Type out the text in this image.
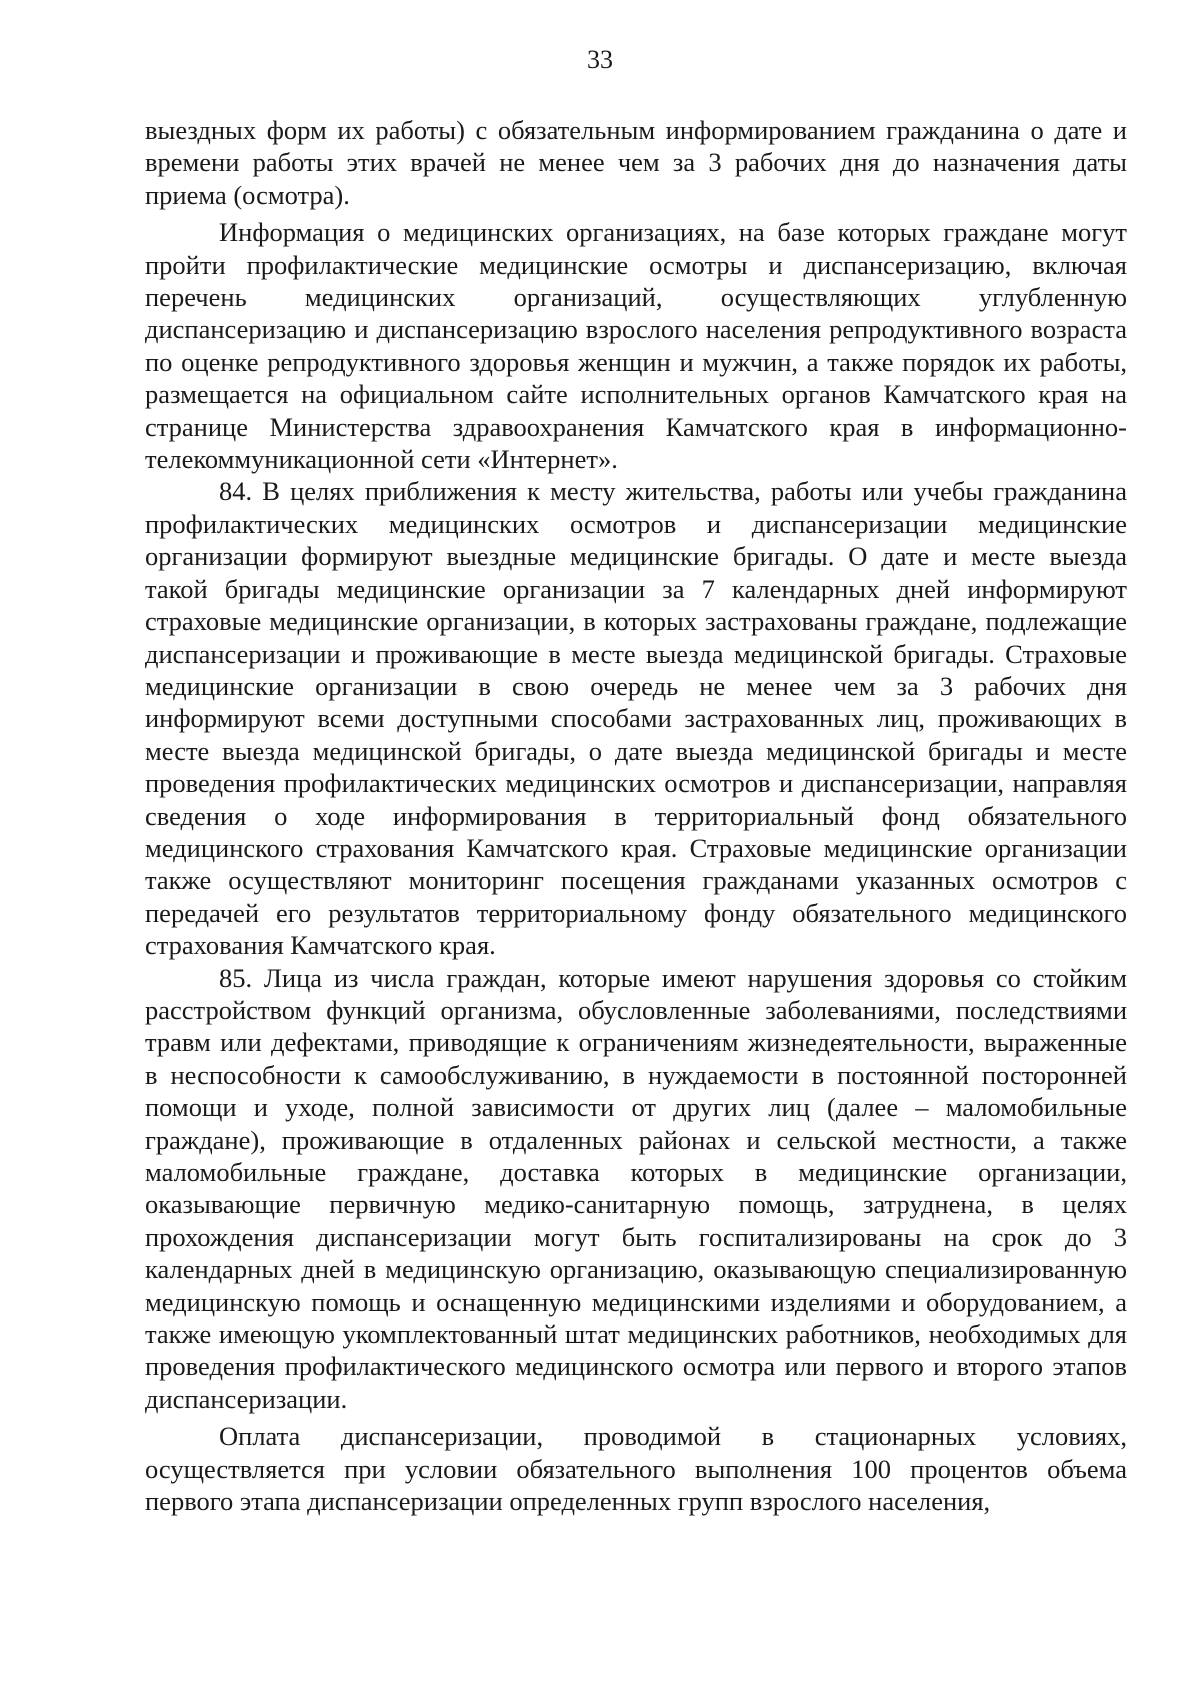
33

выездных форм их работы) с обязательным информированием гражданина о дате и времени работы этих врачей не менее чем за 3 рабочих дня до назначения даты приема (осмотра).

Информация о медицинских организациях, на базе которых граждане могут пройти профилактические медицинские осмотры и диспансеризацию, включая перечень медицинских организаций, осуществляющих углубленную диспансеризацию и диспансеризацию взрослого населения репродуктивного возраста по оценке репродуктивного здоровья женщин и мужчин, а также порядок их работы, размещается на официальном сайте исполнительных органов Камчатского края на странице Министерства здравоохранения Камчатского края в информационно-телекоммуникационной сети «Интернет».

84. В целях приближения к месту жительства, работы или учебы гражданина профилактических медицинских осмотров и диспансеризации медицинские организации формируют выездные медицинские бригады. О дате и месте выезда такой бригады медицинские организации за 7 календарных дней информируют страховые медицинские организации, в которых застрахованы граждане, подлежащие диспансеризации и проживающие в месте выезда медицинской бригады. Страховые медицинские организации в свою очередь не менее чем за 3 рабочих дня информируют всеми доступными способами застрахованных лиц, проживающих в месте выезда медицинской бригады, о дате выезда медицинской бригады и месте проведения профилактических медицинских осмотров и диспансеризации, направляя сведения о ходе информирования в территориальный фонд обязательного медицинского страхования Камчатского края. Страховые медицинские организации также осуществляют мониторинг посещения гражданами указанных осмотров с передачей его результатов территориальному фонду обязательного медицинского страхования Камчатского края.

85. Лица из числа граждан, которые имеют нарушения здоровья со стойким расстройством функций организма, обусловленные заболеваниями, последствиями травм или дефектами, приводящие к ограничениям жизнедеятельности, выраженные в неспособности к самообслуживанию, в нуждаемости в постоянной посторонней помощи и уходе, полной зависимости от других лиц (далее – маломобильные граждане), проживающие в отдаленных районах и сельской местности, а также маломобильные граждане, доставка которых в медицинские организации, оказывающие первичную медико-санитарную помощь, затруднена, в целях прохождения диспансеризации могут быть госпитализированы на срок до 3 календарных дней в медицинскую организацию, оказывающую специализированную медицинскую помощь и оснащенную медицинскими изделиями и оборудованием, а также имеющую укомплектованный штат медицинских работников, необходимых для проведения профилактического медицинского осмотра или первого и второго этапов диспансеризации.

Оплата диспансеризации, проводимой в стационарных условиях, осуществляется при условии обязательного выполнения 100 процентов объема первого этапа диспансеризации определенных групп взрослого населения,
